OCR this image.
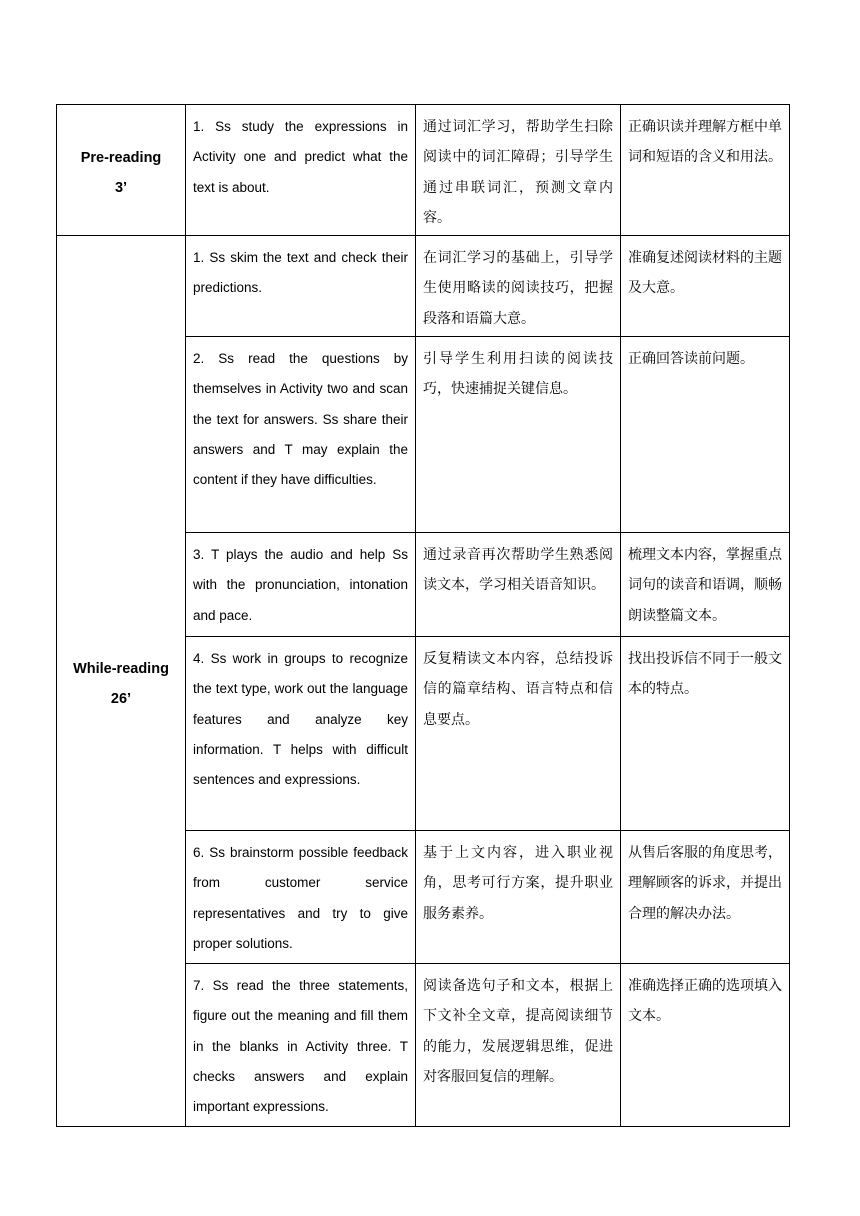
Pre-reading
3’	1. Ss study the expressions in Activity one and predict what the text is about.	通过词汇学习，帮助学生扫除阅读中的词汇障碍；引导学生通过串联词汇，预测文章内容。	正确识读并理解方框中单词和短语的含义和用法。

While-reading
26’	1. Ss skim the text and check their predictions.	在词汇学习的基础上，引导学生使用略读的阅读技巧，把握段落和语篇大意。	准确复述阅读材料的主题及大意。
	2. Ss read the questions by themselves in Activity two and scan the text for answers. Ss share their answers and T may explain the content if they have difficulties.	引导学生利用扫读的阅读技巧，快速捕捉关键信息。	正确回答读前问题。
	3. T plays the audio and help Ss with the pronunciation, intonation and pace.	通过录音再次帮助学生熟悉阅读文本，学习相关语音知识。	梳理文本内容，掌握重点词句的读音和语调，顺畅朗读整篇文本。
	4. Ss work in groups to recognize the text type, work out the language features and analyze key information. T helps with difficult sentences and expressions.	反复精读文本内容，总结投诉信的篇章结构、语言特点和信息要点。	找出投诉信不同于一般文本的特点。
	6. Ss brainstorm possible feedback from customer service representatives and try to give proper solutions.	基于上文内容，进入职业视角，思考可行方案，提升职业服务素养。	从售后客服的角度思考，理解顾客的诉求，并提出合理的解决办法。
	7. Ss read the three statements, figure out the meaning and fill them in the blanks in Activity three. T checks answers and explain important expressions.	阅读备选句子和文本，根据上下文补全文章，提高阅读细节的能力，发展逻辑思维，促进对客服回复信的理解。	准确选择正确的选项填入文本。
